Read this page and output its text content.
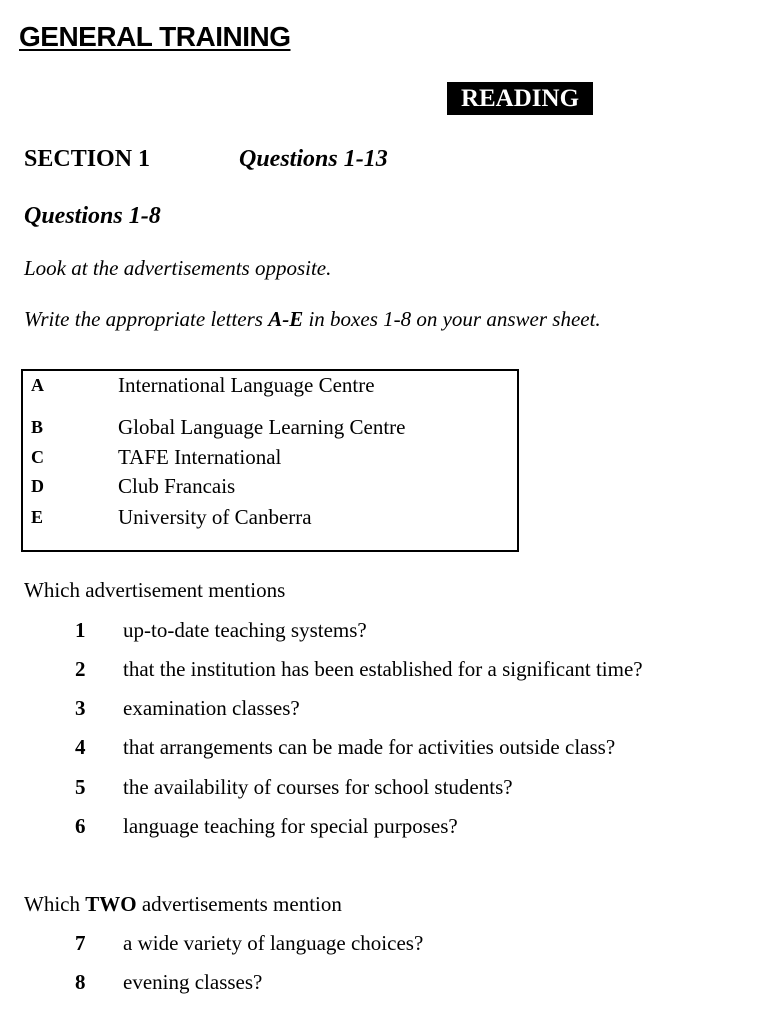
GENERAL TRAINING
READING
SECTION 1	Questions 1-13
Questions 1-8
Look at the advertisements opposite.
Write the appropriate letters A-E in boxes 1-8 on your answer sheet.
A	International Language Centre
B	Global Language Learning Centre
C	TAFE International
D	Club Francais
E	University of Canberra
Which advertisement mentions
1 up-to-date teaching systems?
2 that the institution has been established for a significant time?
3 examination classes?
4 that arrangements can be made for activities outside class?
5 the availability of courses for school students?
6 language teaching for special purposes?
Which TWO advertisements mention
7 a wide variety of language choices?
8 evening classes?
